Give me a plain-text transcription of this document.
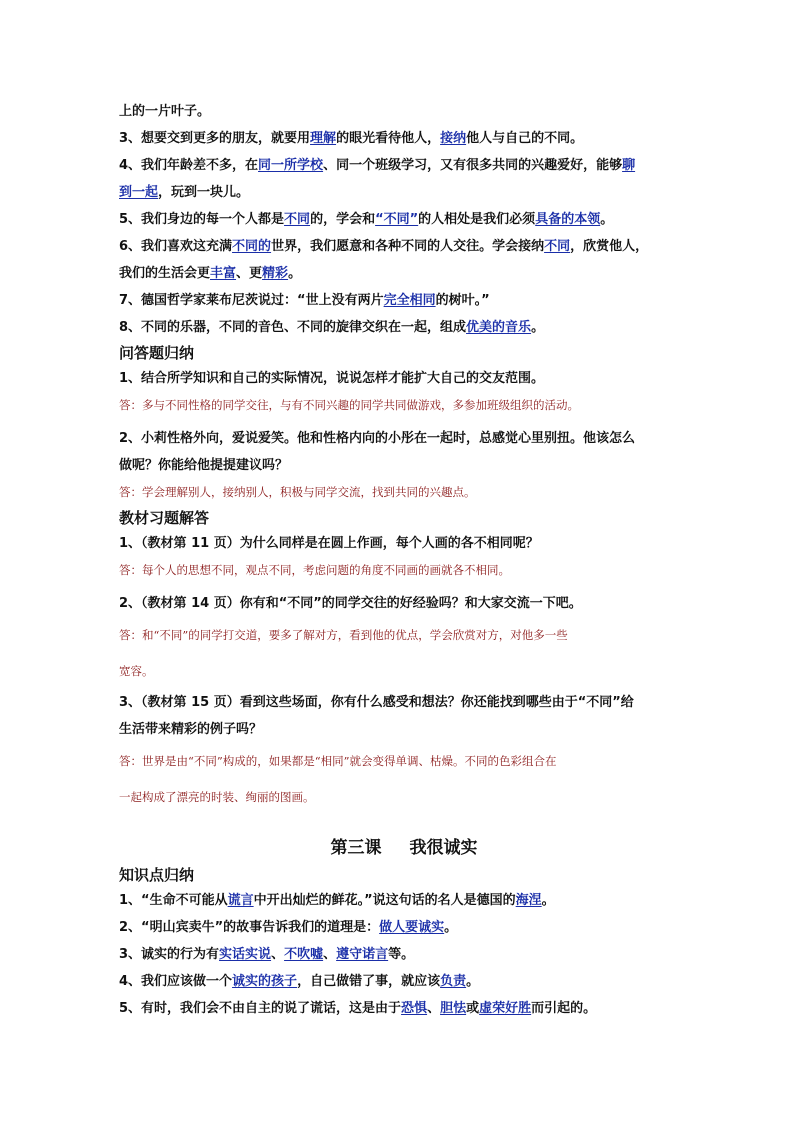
上的一片叶子。
3、想要交到更多的朋友，就要用理解的眼光看待他人，接纳他人与自己的不同。
4、我们年龄差不多，在同一所学校、同一个班级学习，又有很多共同的兴趣爱好，能够聊
到一起，玩到一块儿。
5、我们身边的每一个人都是不同的，学会和“不同”的人相处是我们必须具备的本领。
6、我们喜欢这充满不同的世界，我们愿意和各种不同的人交往。学会接纳不同，欣赏他人，
我们的生活会更丰富、更精彩。
7、德国哲学家莱布尼茨说过：“世上没有两片完全相同的树叶。”
8、不同的乐器，不同的音色、不同的旋律交织在一起，组成优美的音乐。
问答题归纳
1、结合所学知识和自己的实际情况，说说怎样才能扩大自己的交友范围。
答：多与不同性格的同学交往，与有不同兴趣的同学共同做游戏，多参加班级组织的活动。
2、小莉性格外向，爱说爱笑。他和性格内向的小彤在一起时，总感觉心里别扭。他该怎么
做呢？你能给他提提建议吗？
答：学会理解别人，接纳别人，积极与同学交流，找到共同的兴趣点。
教材习题解答
1、（教材第 11 页）为什么同样是在圆上作画，每个人画的各不相同呢？
答：每个人的思想不同，观点不同，考虑问题的角度不同画的画就各不相同。
2、（教材第 14 页）你有和“不同”的同学交往的好经验吗？和大家交流一下吧。
答：和“不同”的同学打交道，要多了解对方，看到他的优点，学会欣赏对方，对他多一些
宽容。
3、（教材第 15 页）看到这些场面，你有什么感受和想法？你还能找到哪些由于“不同”给
生活带来精彩的例子吗？
答：世界是由“不同”构成的，如果都是“相同”就会变得单调、枯燥。不同的色彩组合在
一起构成了漂亮的时装、绚丽的图画。
第三课 我很诚实
知识点归纳
1、“生命不可能从谎言中开出灿烂的鲜花。”说这句话的名人是德国的海涅。
2、“明山宾卖牛”的故事告诉我们的道理是：做人要诚实。
3、诚实的行为有实话实说、不吹嘘、遵守诺言等。
4、我们应该做一个诚实的孩子，自己做错了事，就应该负责。
5、有时，我们会不由自主的说了谎话，这是由于恐惧、胆怯或虚荣好胜而引起的。
